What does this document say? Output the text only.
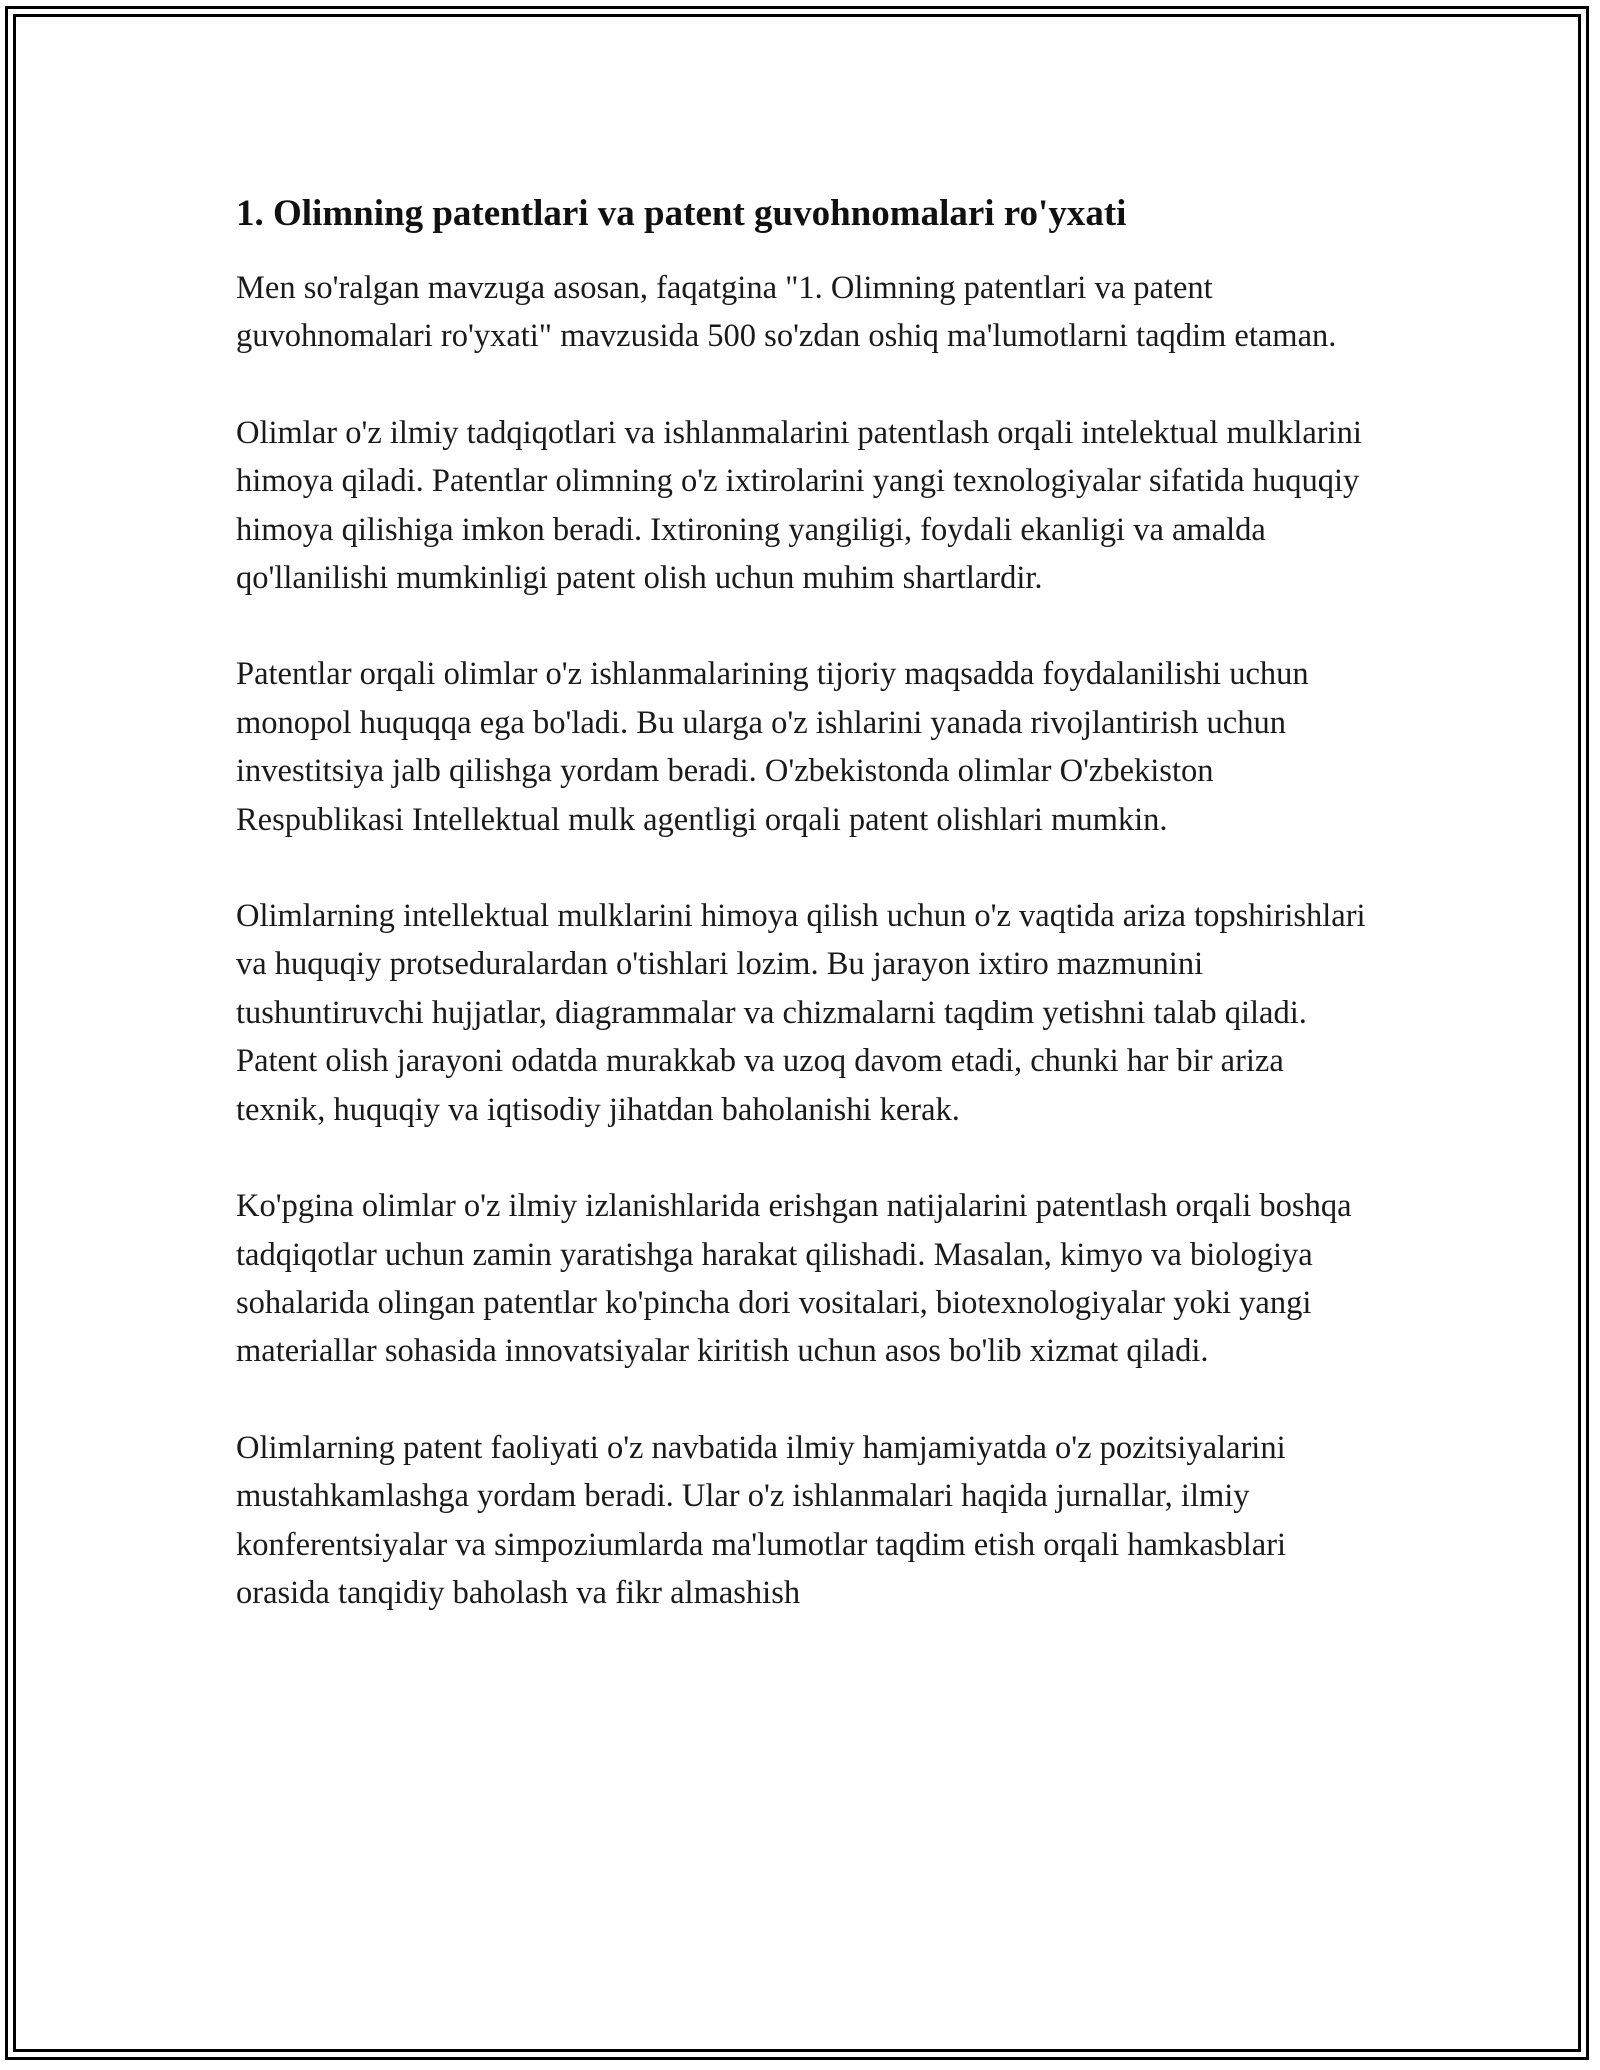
1. Olimning patentlari va patent guvohnomalari ro'yxati

Men so'ralgan mavzuga asosan, faqatgina "1. Olimning patentlari va patent guvohnomalari ro'yxati" mavzusida 500 so'zdan oshiq ma'lumotlarni taqdim etaman.

Olimlar o'z ilmiy tadqiqotlari va ishlanmalarini patentlash orqali intelektual mulklarini himoya qiladi. Patentlar olimning o'z ixtirolarini yangi texnologiyalar sifatida huquqiy himoya qilishiga imkon beradi. Ixtironing yangiligi, foydali ekanligi va amalda qo'llanilishi mumkinligi patent olish uchun muhim shartlardir.

Patentlar orqali olimlar o'z ishlanmalarining tijoriy maqsadda foydalanilishi uchun monopol huquqqa ega bo'ladi. Bu ularga o'z ishlarini yanada rivojlantirish uchun investitsiya jalb qilishga yordam beradi. O'zbekistonda olimlar O'zbekiston Respublikasi Intellektual mulk agentligi orqali patent olishlari mumkin.

Olimlarning intellektual mulklarini himoya qilish uchun o'z vaqtida ariza topshirishlari va huquqiy protseduralardan o'tishlari lozim. Bu jarayon ixtiro mazmunini tushuntiruvchi hujjatlar, diagrammalar va chizmalarni taqdim yetishni talab qiladi. Patent olish jarayoni odatda murakkab va uzoq davom etadi, chunki har bir ariza texnik, huquqiy va iqtisodiy jihatdan baholanishi kerak.

Ko'pgina olimlar o'z ilmiy izlanishlarida erishgan natijalarini patentlash orqali boshqa tadqiqotlar uchun zamin yaratishga harakat qilishadi. Masalan, kimyo va biologiya sohalarida olingan patentlar ko'pincha dori vositalari, biotexnologiyalar yoki yangi materiallar sohasida innovatsiyalar kiritish uchun asos bo'lib xizmat qiladi.

Olimlarning patent faoliyati o'z navbatida ilmiy hamjamiyatda o'z pozitsiyalarini mustahkamlashga yordam beradi. Ular o'z ishlanmalari haqida jurnallar, ilmiy konferentsiyalar va simpoziumlarda ma'lumotlar taqdim etish orqali hamkasblari orasida tanqidiy baholash va fikr almashish
